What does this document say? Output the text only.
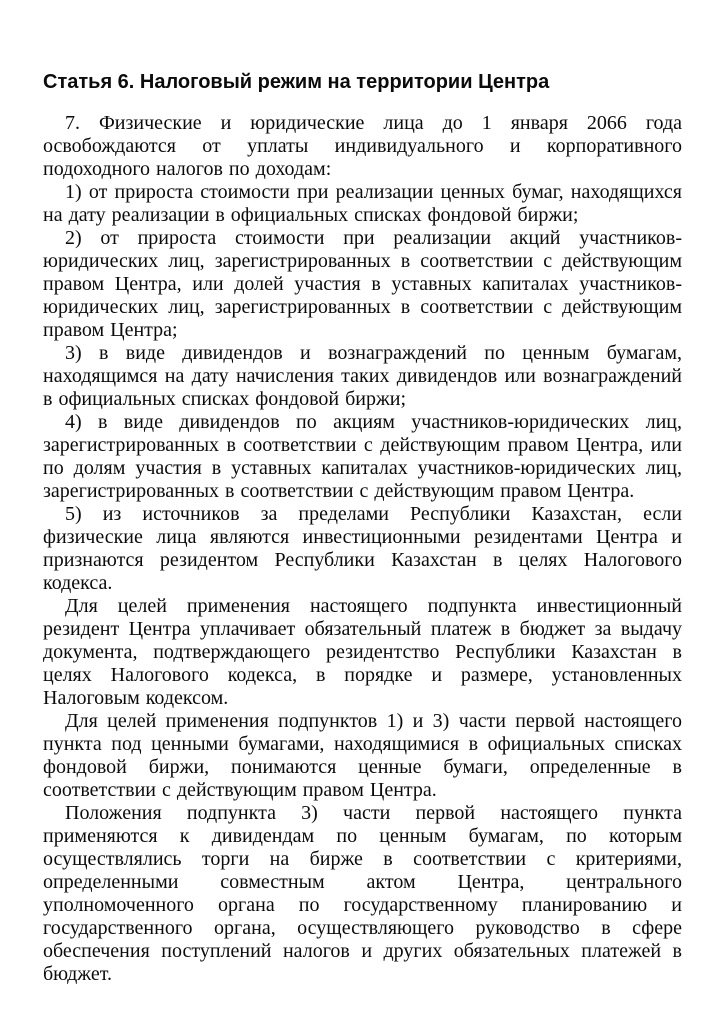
Статья 6. Налоговый режим на территории Центра

7. Физические и юридические лица до 1 января 2066 года освобождаются от уплаты индивидуального и корпоративного подоходного налогов по доходам:

1) от прироста стоимости при реализации ценных бумаг, находящихся на дату реализации в официальных списках фондовой биржи;

2) от прироста стоимости при реализации акций участников-юридических лиц, зарегистрированных в соответствии с действующим правом Центра, или долей участия в уставных капиталах участников-юридических лиц, зарегистрированных в соответствии с действующим правом Центра;

3) в виде дивидендов и вознаграждений по ценным бумагам, находящимся на дату начисления таких дивидендов или вознаграждений в официальных списках фондовой биржи;

4) в виде дивидендов по акциям участников-юридических лиц, зарегистрированных в соответствии с действующим правом Центра, или по долям участия в уставных капиталах участников-юридических лиц, зарегистрированных в соответствии с действующим правом Центра.

5) из источников за пределами Республики Казахстан, если физические лица являются инвестиционными резидентами Центра и признаются резидентом Республики Казахстан в целях Налогового кодекса.

Для целей применения настоящего подпункта инвестиционный резидент Центра уплачивает обязательный платеж в бюджет за выдачу документа, подтверждающего резидентство Республики Казахстан в целях Налогового кодекса, в порядке и размере, установленных Налоговым кодексом.

Для целей применения подпунктов 1) и 3) части первой настоящего пункта под ценными бумагами, находящимися в официальных списках фондовой биржи, понимаются ценные бумаги, определенные в соответствии с действующим правом Центра.

Положения подпункта 3) части первой настоящего пункта применяются к дивидендам по ценным бумагам, по которым осуществлялись торги на бирже в соответствии с критериями, определенными совместным актом Центра, центрального уполномоченного органа по государственному планированию и государственного органа, осуществляющего руководство в сфере обеспечения поступлений налогов и других обязательных платежей в бюджет.
